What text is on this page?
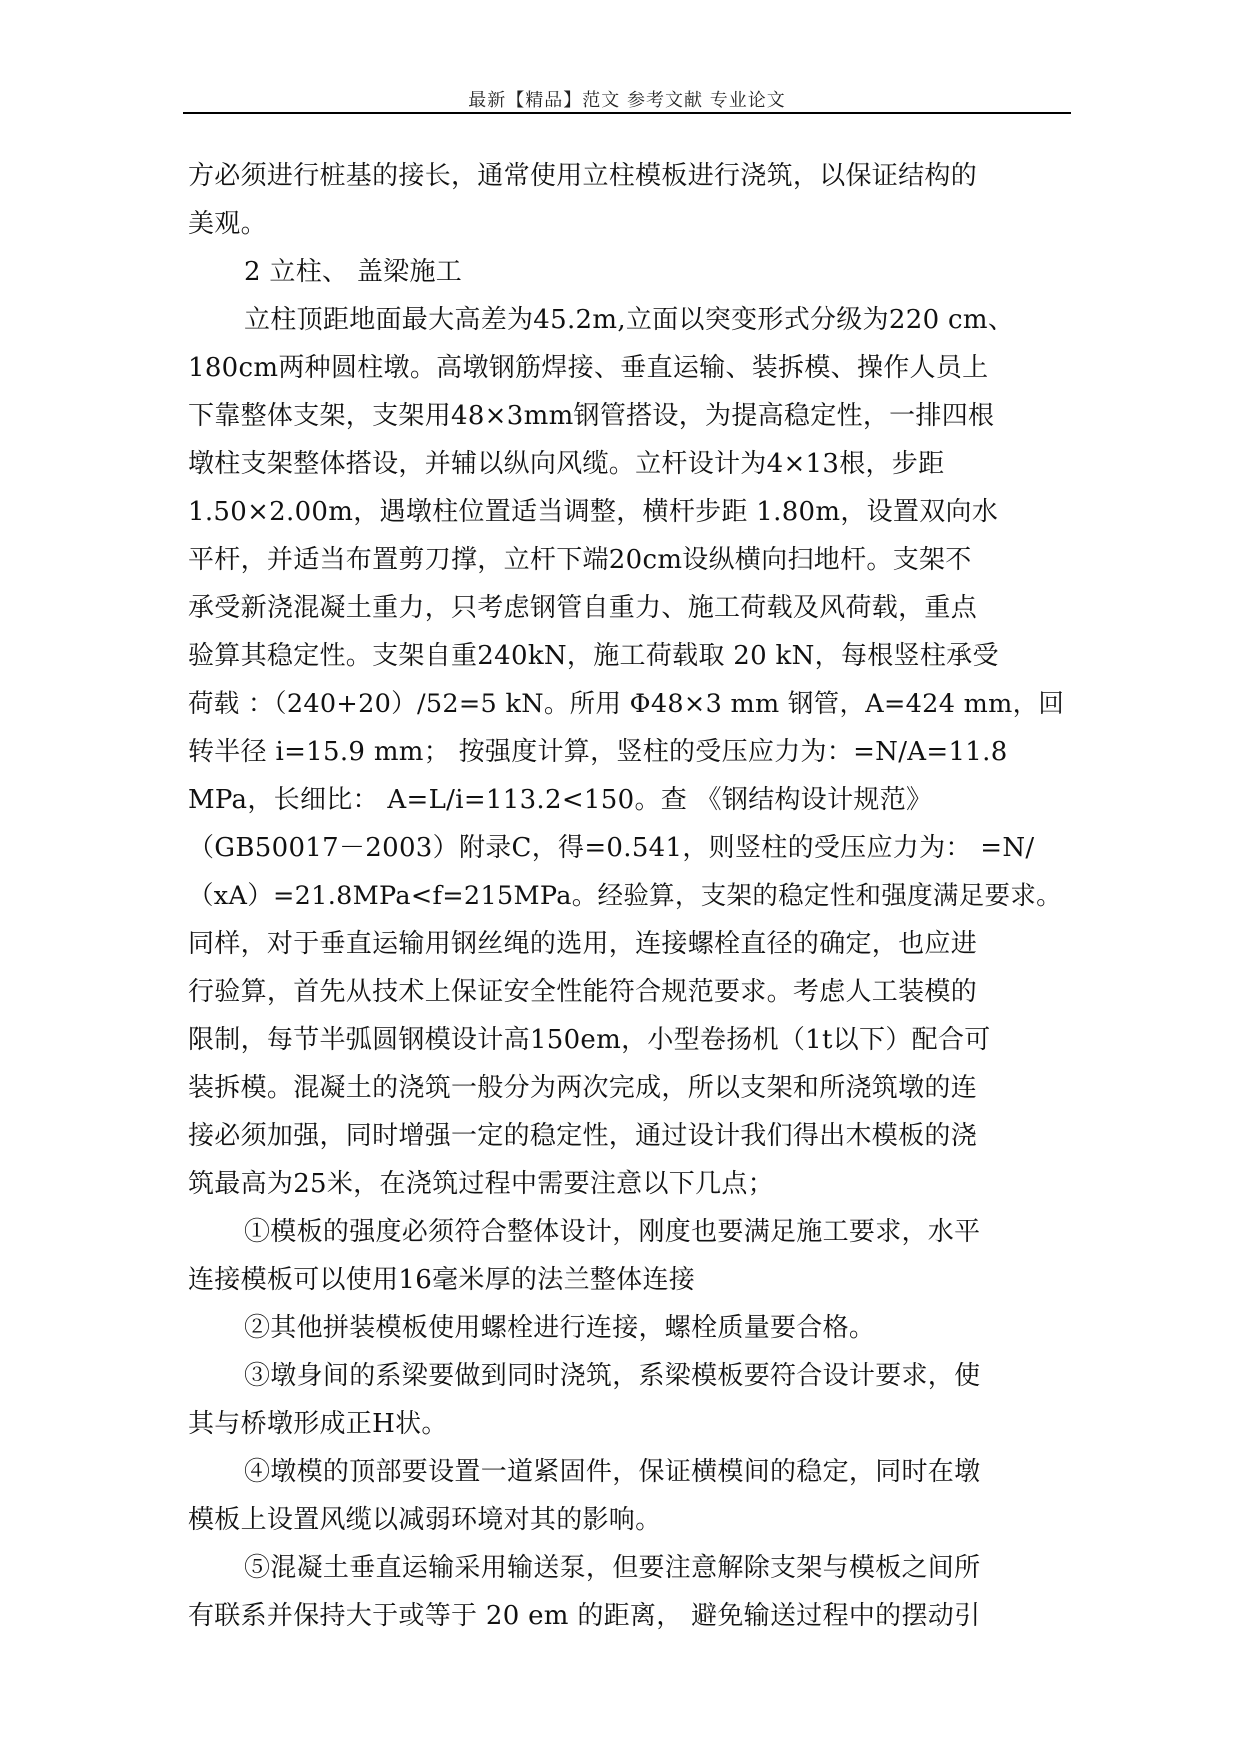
最新【精品】范文 参考文献 专业论文
方必须进行桩基的接长，通常使用立柱模板进行浇筑，以保证结构的
美观。
2 立柱、 盖梁施工
立柱顶距地面最大高差为45.2m,立面以突变形式分级为220 cm、
180cm两种圆柱墩。高墩钢筋焊接、垂直运输、装拆模、操作人员上
下靠整体支架，支架用48×3mm钢管搭设，为提高稳定性，一排四根
墩柱支架整体搭设，并辅以纵向风缆。立杆设计为4×13根，步距
1.50×2.00m，遇墩柱位置适当调整，横杆步距 1.80m，设置双向水
平杆，并适当布置剪刀撑，立杆下端20cm设纵横向扫地杆。支架不
承受新浇混凝土重力，只考虑钢管自重力、施工荷载及风荷载，重点
验算其稳定性。支架自重240kN，施工荷载取 20 kN，每根竖柱承受
荷载 ：（240+20）/52=5 kN。所用 Φ48×3 mm 钢管，A=424 mm，回
转半径 i=15.9 mm； 按强度计算，竖柱的受压应力为：=N/A=11.8
MPa，长细比： A=L/i=113.2<150。查 《钢结构设计规范》
（GB50017－2003）附录C，得=0.541，则竖柱的受压应力为： =N/
（xA）=21.8MPa<f=215MPa。经验算，支架的稳定性和强度满足要求。
同样，对于垂直运输用钢丝绳的选用，连接螺栓直径的确定，也应进
行验算，首先从技术上保证安全性能符合规范要求。考虑人工装模的
限制，每节半弧圆钢模设计高150em，小型卷扬机（1t以下）配合可
装拆模。混凝土的浇筑一般分为两次完成，所以支架和所浇筑墩的连
接必须加强，同时增强一定的稳定性，通过设计我们得出木模板的浇
筑最高为25米，在浇筑过程中需要注意以下几点；
①模板的强度必须符合整体设计，刚度也要满足施工要求，水平
连接模板可以使用16毫米厚的法兰整体连接
②其他拼装模板使用螺栓进行连接，螺栓质量要合格。
③墩身间的系梁要做到同时浇筑，系梁模板要符合设计要求，使
其与桥墩形成正H状。
④墩模的顶部要设置一道紧固件，保证横模间的稳定，同时在墩
模板上设置风缆以减弱环境对其的影响。
⑤混凝土垂直运输采用输送泵，但要注意解除支架与模板之间所
有联系并保持大于或等于 20 em 的距离， 避免输送过程中的摆动引
